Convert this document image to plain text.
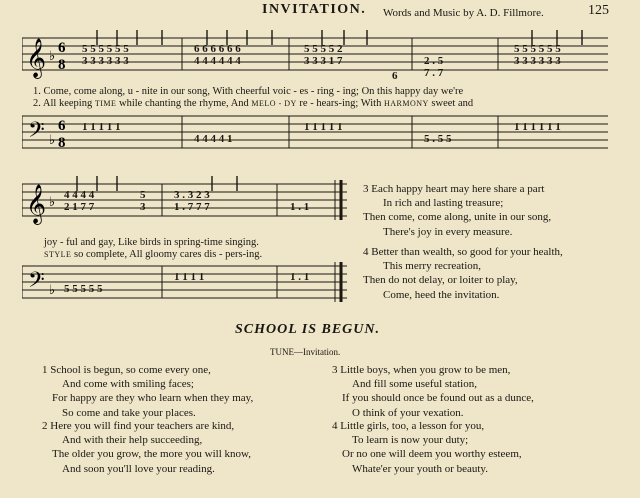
INVITATION. Words and Music by A. D. Fillmore.	125
𝄞 ♭ 6
8
5 5 5 5 5 5
3 3 3 3 3 3
6 6 6 6 6 6
4 4 4 4 4 4
5 5 5 5 2
3 3 3 1 7
6
2 . 5
7 . 7
5 5 5 5 5 5
3 3 3 3 3 3
1. Come, come along, u - nite in our song, With cheerful voic - es - ring - ing; On this happy day we're
2. All keeping TIME while chanting the rhyme, And MELO - DY re - hears-ing; With HARMONY sweet and
𝄢 ♭
6
8
1 1 1 1 1
4 4 4 4 1
1 1 1 1 1
5 . 5 5
1 1 1 1 1 1
𝄞 ♭ 4 4 4 4
2 1 7 7
5
3
3 . 3 2 3
1 . 7 7 7	1 . 1
joy - ful and gay, Like birds in spring-time singing.
STYLE so complete, All gloomy cares dis - pers-ing.
𝄢 ♭ 5 5 5 5 5
1 1 1 1	1 . 1
3 Each happy heart may here share a part
In rich and lasting treasure;
Then come, come along, unite in our song,
There's joy in every measure.
4 Better than wealth, so good for your health,
This merry recreation,
Then do not delay, or loiter to play,
Come, heed the invitation.
SCHOOL IS BEGUN.
TUNE—Invitation.
1 School is begun, so come every one,
And come with smiling faces;
For happy are they who learn when they may,
So come and take your places.
2 Here you will find your teachers are kind,
And with their help succeeding,
The older you grow, the more you will know,
And soon you'll love your reading.
3 Little boys, when you grow to be men,
And fill some useful station,
If you should once be found out as a dunce,
O think of your vexation.
4 Little girls, too, a lesson for you,
To learn is now your duty;
Or no one will deem you worthy esteem,
Whate'er your youth or beauty.
